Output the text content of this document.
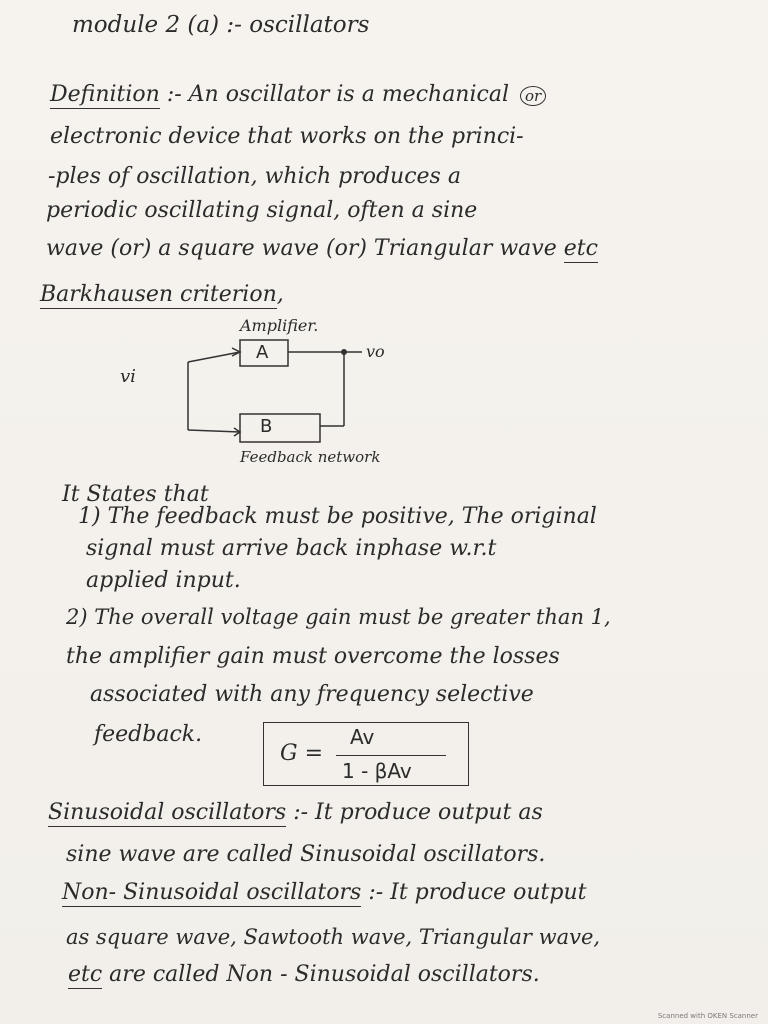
module 2 (a) :- oscillators
Definition :- An oscillator is a mechanical or
electronic device that works on the princi-
-ples of oscillation, which produces a
periodic oscillating signal, often a sine
wave (or) a square wave (or) Triangular wave etc
Barkhausen criterion,
Amplifier.
vi
vo
A
B
Feedback network
It States that
1) The feedback must be positive, The original
signal must arrive back inphase w.r.t
applied input.
2) The overall voltage gain must be greater than 1,
the amplifier gain must overcome the losses
associated with any frequency selective
feedback.
G =
Av
1 - βAv
Sinusoidal oscillators :- It produce output as
sine wave are called Sinusoidal oscillators.
Non- Sinusoidal oscillators :- It produce output
as square wave, Sawtooth wave, Triangular wave,
etc are called Non - Sinusoidal oscillators.
Scanned with OKEN Scanner
